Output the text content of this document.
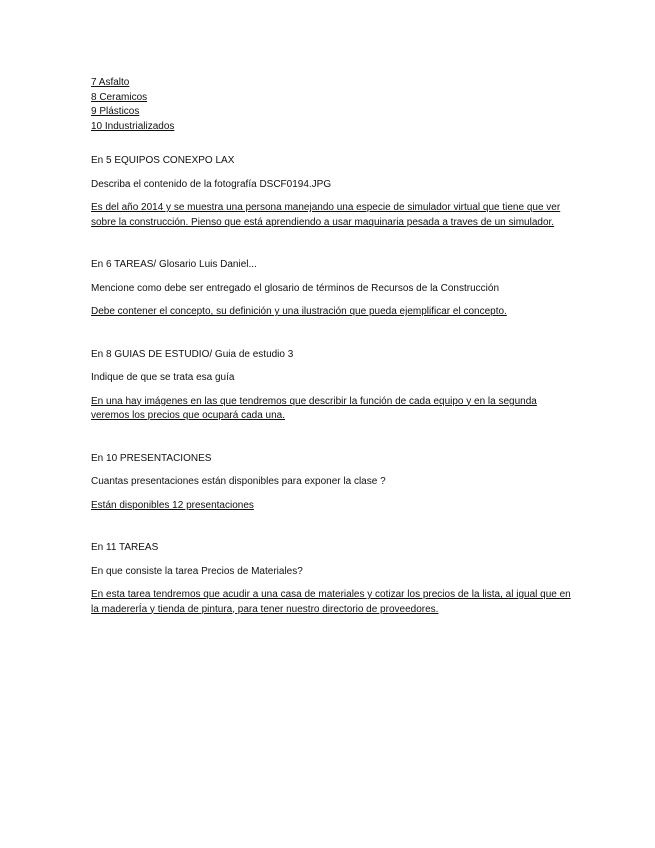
7 Asfalto
8 Ceramicos
9 Plásticos
10 Industrializados
En 5 EQUIPOS CONEXPO LAX
Describa el contenido de la fotografía DSCF0194.JPG
Es del año 2014 y se muestra una persona manejando una especie de simulador virtual que tiene que ver sobre la construcción. Pienso que está aprendiendo a usar maquinaria pesada a traves de un simulador.
En 6 TAREAS/ Glosario Luis Daniel...
Mencione como debe ser entregado el glosario de términos de Recursos de la Construcción
Debe contener el concepto, su definición y una ilustración que pueda ejemplificar el concepto.
En 8 GUIAS DE ESTUDIO/ Guia de estudio 3
Indique de que se trata esa guía
En una hay imágenes en las que tendremos que describir la función de cada equipo y en la segunda veremos los precios que ocupará cada una.
En 10 PRESENTACIONES
Cuantas presentaciones están disponibles para exponer la clase ?
Están disponibles 12 presentaciones
En 11 TAREAS
En que consiste la tarea Precios de Materiales?
En esta tarea tendremos que acudir a una casa de materiales y cotizar los precios de la lista, al igual que en la madererÍa y tienda de pintura, para tener nuestro directorio de proveedores.
